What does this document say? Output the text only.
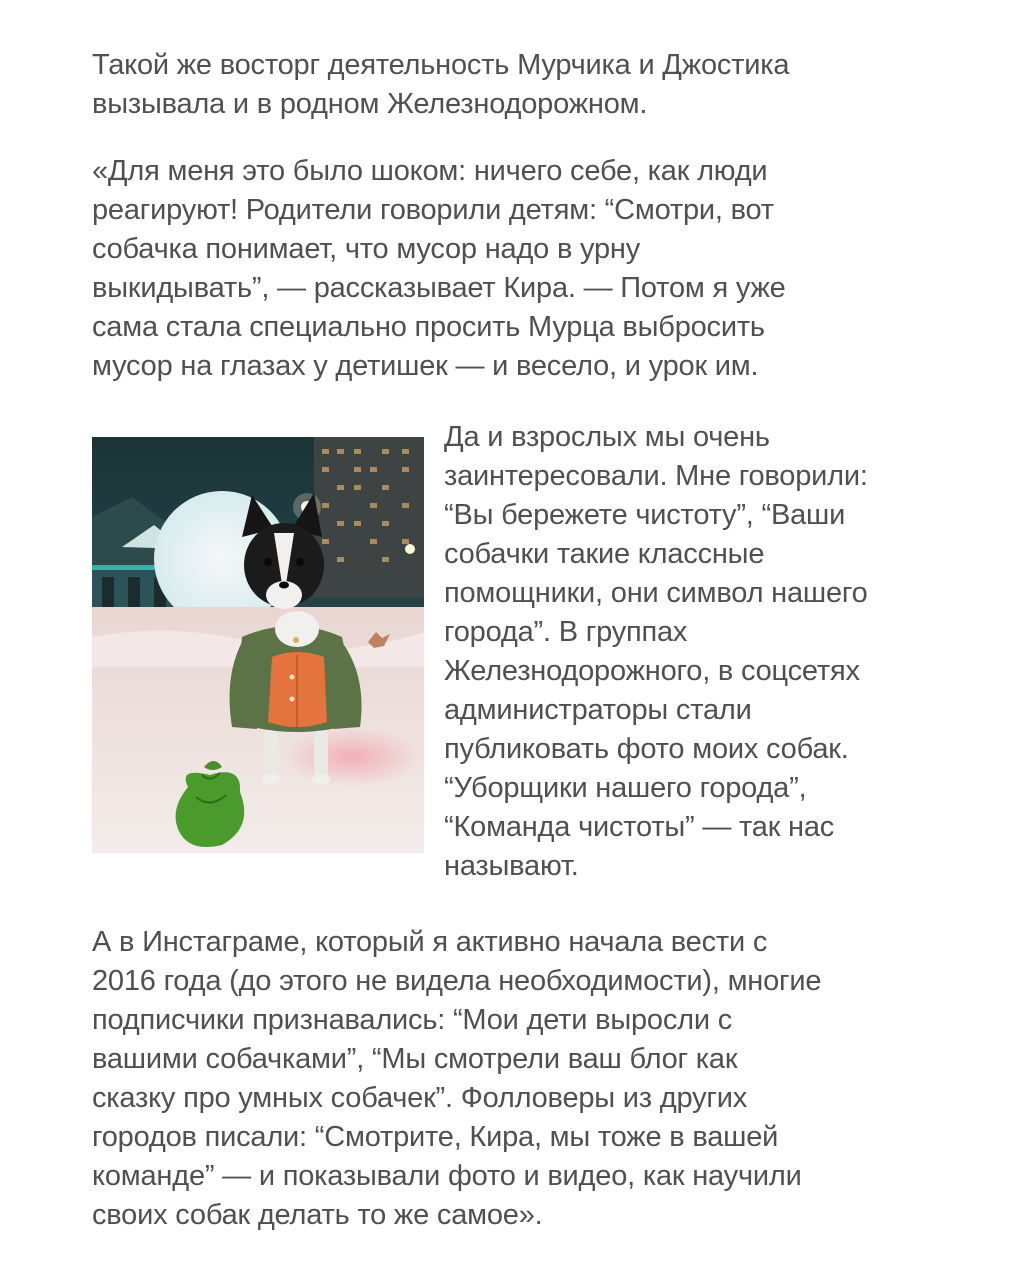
Такой же восторг деятельность Мурчика и Джостика
вызывала и в родном Железнодорожном.
«Для меня это было шоком: ничего себе, как люди
реагируют! Родители говорили детям: “Смотри, вот
собачка понимает, что мусор надо в урну
выкидывать”, — рассказывает Кира. — Потом я уже
сама стала специально просить Мурца выбросить
мусор на глазах у детишек — и весело, и урок им.
Да и взрослых мы очень
заинтересовали. Мне говорили:
“Вы бережете чистоту”, “Ваши
собачки такие классные
помощники, они символ нашего
города”. В группах
Железнодорожного, в соцсетях
администраторы стали
публиковать фото моих собак.
“Уборщики нашего города”,
“Команда чистоты” — так нас
называют.
А в Инстаграме, который я активно начала вести с
2016 года (до этого не видела необходимости), многие
подписчики признавались: “Мои дети выросли с
вашими собачками”, “Мы смотрели ваш блог как
сказку про умных собачек”. Фолловеры из других
городов писали: “Смотрите, Кира, мы тоже в вашей
команде” — и показывали фото и видео, как научили
своих собак делать то же самое».
